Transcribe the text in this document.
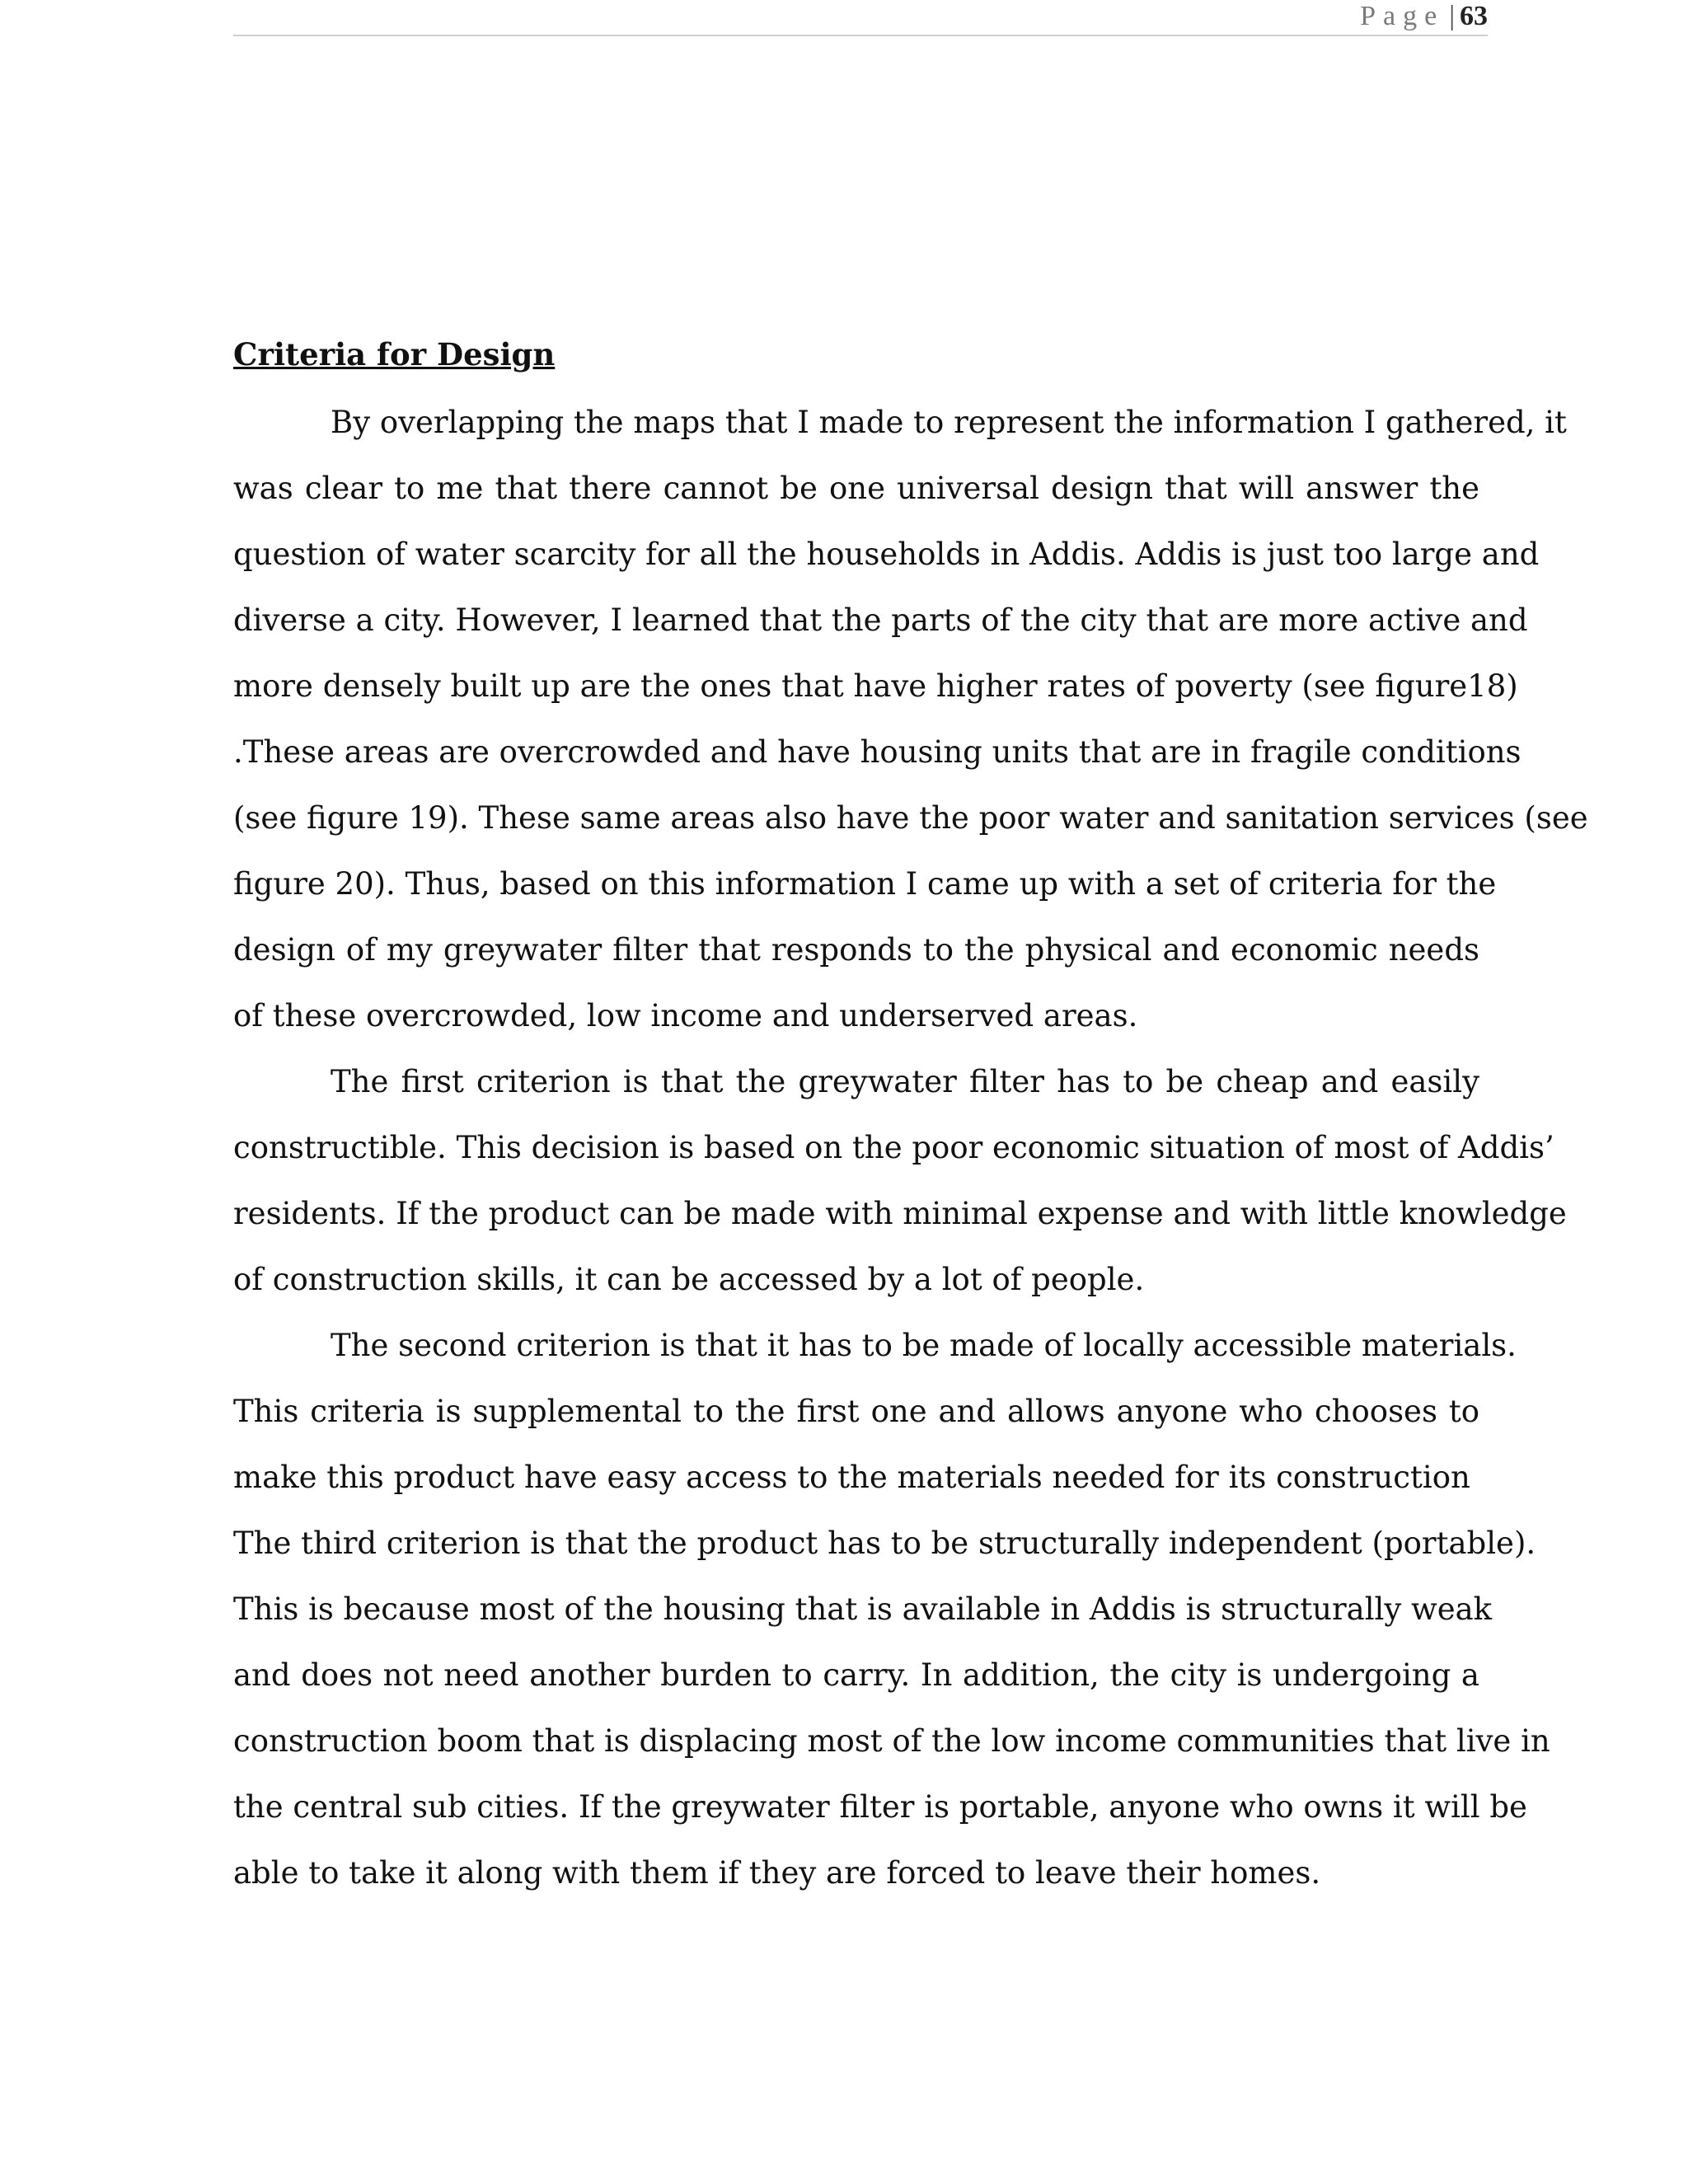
Page | 63
Criteria for Design
By overlapping the maps that I made to represent the information I gathered, it
was clear to me that there cannot be one universal design that will answer the
question of water scarcity for all the households in Addis. Addis is just too large and
diverse a city. However, I learned that the parts of the city that are more active and
more densely built up are the ones that have higher rates of poverty (see figure18)
.These areas are overcrowded and have housing units that are in fragile conditions
(see figure 19). These same areas also have the poor water and sanitation services (see
figure 20). Thus, based on this information I came up with a set of criteria for the
design of my greywater filter that responds to the physical and economic needs
of these overcrowded, low income and underserved areas.
The first criterion is that the greywater filter has to be cheap and easily
constructible. This decision is based on the poor economic situation of most of Addis’
residents. If the product can be made with minimal expense and with little knowledge
of construction skills, it can be accessed by a lot of people.
The second criterion is that it has to be made of locally accessible materials.
This criteria is supplemental to the first one and allows anyone who chooses to
make this product have easy access to the materials needed for its construction
The third criterion is that the product has to be structurally independent (portable).
This is because most of the housing that is available in Addis is structurally weak
and does not need another burden to carry. In addition, the city is undergoing a
construction boom that is displacing most of the low income communities that live in
the central sub cities. If the greywater filter is portable, anyone who owns it will be
able to take it along with them if they are forced to leave their homes.
